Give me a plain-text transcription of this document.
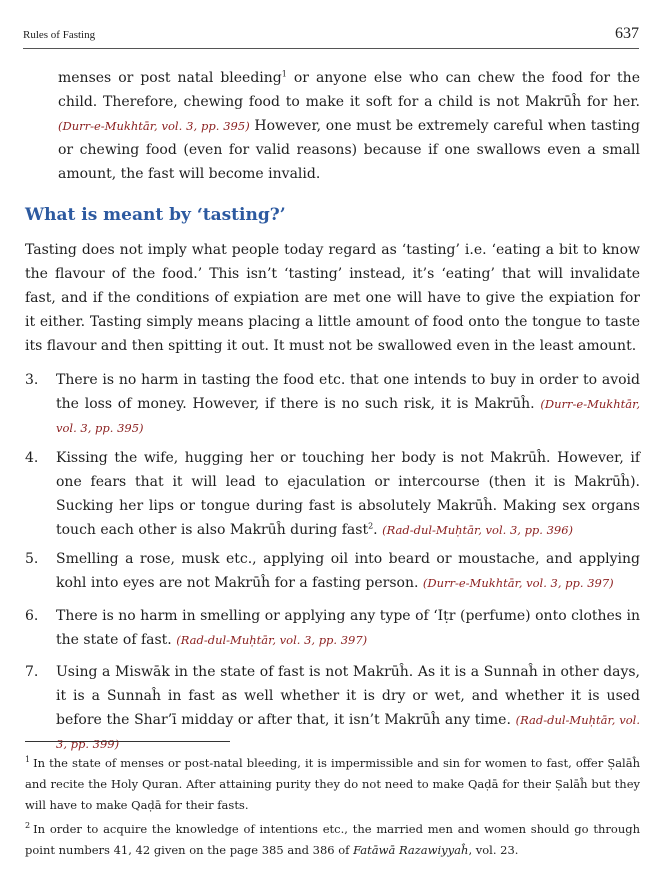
Rules of Fasting	637

menses or post natal bleeding$^1$ or anyone else who can chew the food for the child. Therefore, chewing food to make it soft for a child is not Makrūĥ for her. (Durr-e-Mukhtār, vol. 3, pp. 395) However, one must be extremely careful when tasting or chewing food (even for valid reasons) because if one swallows even a small amount, the fast will become invalid.

What is meant by ‘tasting?’

Tasting does not imply what people today regard as ‘tasting’ i.e. ‘eating a bit to know the flavour of the food.’ This isn’t ‘tasting’ instead, it’s ‘eating’ that will invalidate fast, and if the conditions of expiation are met one will have to give the expiation for it either. Tasting simply means placing a little amount of food onto the tongue to taste its flavour and then spitting it out. It must not be swallowed even in the least amount.

3.	There is no harm in tasting the food etc. that one intends to buy in order to avoid the loss of money. However, if there is no such risk, it is Makrūĥ. (Durr-e-Mukhtār, vol. 3, pp. 395)
4.	Kissing the wife, hugging her or touching her body is not Makrūĥ. However, if one fears that it will lead to ejaculation or intercourse (then it is Makrūĥ). Sucking her lips or tongue during fast is absolutely Makrūĥ. Making sex organs touch each other is also Makrūĥ during fast$^2$. (Rad-dul-Muḥtār, vol. 3, pp. 396)
5.	Smelling a rose, musk etc., applying oil into beard or moustache, and applying kohl into eyes are not Makrūĥ for a fasting person. (Durr-e-Mukhtār, vol. 3, pp. 397)
6.	There is no harm in smelling or applying any type of ‘Iṭr (perfume) onto clothes in the state of fast. (Rad-dul-Muḥtār, vol. 3, pp. 397)
7.	Using a Miswāk in the state of fast is not Makrūĥ. As it is a Sunnaĥ in other days, it is a Sunnaĥ in fast as well whether it is dry or wet, and whether it is used before the Shar’ī midday or after that, it isn’t Makrūĥ any time. (Rad-dul-Muḥtār, vol. 3, pp. 399)

$^1$ In the state of menses or post-natal bleeding, it is impermissible and sin for women to fast, offer Ṣalāĥ and recite the Holy Quran. After attaining purity they do not need to make Qaḍā for their Ṣalāĥ but they will have to make Qaḍā for their fasts.

$^2$ In order to acquire the knowledge of intentions etc., the married men and women should go through point numbers 41, 42 given on the page 385 and 386 of Fatāwā Razawiyyaĥ, vol. 23.
